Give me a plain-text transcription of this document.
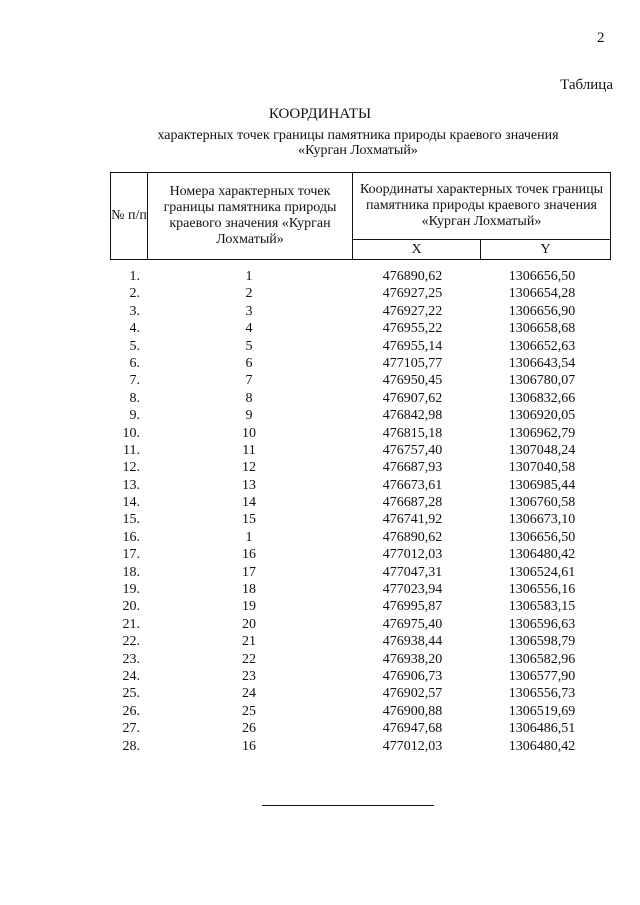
2
Таблица
КООРДИНАТЫ
характерных точек границы памятника природы краевого значения
«Курган Лохматый»
№ п/п	Номера характерных точек границы памятника природы краевого значения «Курган Лохматый»	Координаты характерных точек границы памятника природы краевого значения «Курган Лохматый»	
		X	Y
1.	1	476890,62	1306656,50
2.	2	476927,25	1306654,28
3.	3	476927,22	1306656,90
4.	4	476955,22	1306658,68
5.	5	476955,14	1306652,63
6.	6	477105,77	1306643,54
7.	7	476950,45	1306780,07
8.	8	476907,62	1306832,66
9.	9	476842,98	1306920,05
10.	10	476815,18	1306962,79
11.	11	476757,40	1307048,24
12.	12	476687,93	1307040,58
13.	13	476673,61	1306985,44
14.	14	476687,28	1306760,58
15.	15	476741,92	1306673,10
16.	1	476890,62	1306656,50
17.	16	477012,03	1306480,42
18.	17	477047,31	1306524,61
19.	18	477023,94	1306556,16
20.	19	476995,87	1306583,15
21.	20	476975,40	1306596,63
22.	21	476938,44	1306598,79
23.	22	476938,20	1306582,96
24.	23	476906,73	1306577,90
25.	24	476902,57	1306556,73
26.	25	476900,88	1306519,69
27.	26	476947,68	1306486,51
28.	16	477012,03	1306480,42
